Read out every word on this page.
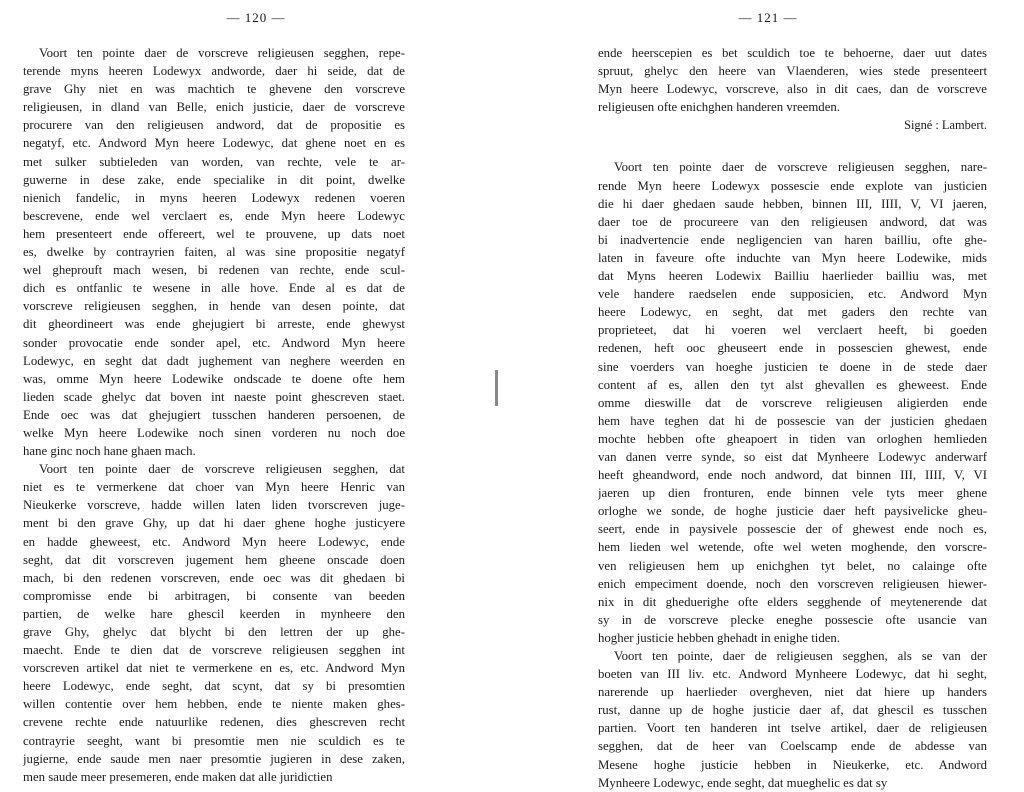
— 120 —
Voort ten pointe daer de vorscreve religieusen segghen, repe-
terende myns heeren Lodewyx andworde, daer hi seide, dat de
grave Ghy niet en was machtich te ghevene den vorscreve
religieusen, in dland van Belle, enich justicie, daer de vorscreve
procurere van den religieusen andword, dat de propositie es
negatyf, etc. Andword Myn heere Lodewyc, dat ghene noet en es
met sulker subtieleden van worden, van rechte, vele te ar-
guwerne in dese zake, ende specialike in dit point, dwelke
nienich fandelic, in myns heeren Lodewyx redenen voeren
bescrevene, ende wel verclaert es, ende Myn heere Lodewyc
hem presenteert ende offereert, wel te prouvene, up dats noet
es, dwelke by contrayrien faiten, al was sine propositie negatyf
wel gheprouft mach wesen, bi redenen van rechte, ende scul-
dich es ontfanlic te wesene in alle hove. Ende al es dat de
vorscreve religieusen segghen, in hende van desen pointe, dat
dit gheordineert was ende ghejugiert bi arreste, ende ghewyst
sonder provocatie ende sonder apel, etc. Andword Myn heere
Lodewyc, en seght dat dadt jughement van neghere weerden en
was, omme Myn heere Lodewike ondscade te doene ofte hem
lieden scade ghelyc dat boven int naeste point ghescreven staet.
Ende oec was dat ghejugiert tusschen handeren persoenen, de
welke Myn heere Lodewike noch sinen vorderen nu noch doe
hane ginc noch hane ghaen mach.
Voort ten pointe daer de vorscreve religieusen segghen, dat
niet es te vermerkene dat choer van Myn heere Henric van
Nieukerke vorscreve, hadde willen laten liden tvorscreven juge-
ment bi den grave Ghy, up dat hi daer ghene hoghe justicyere
en hadde gheweest, etc. Andword Myn heere Lodewyc, ende
seght, dat dit vorscreven jugement hem gheene onscade doen
mach, bi den redenen vorscreven, ende oec was dit ghedaen bi
compromisse ende bi arbitragen, bi consente van beeden
partien, de welke hare ghescil keerden in mynheere den
grave Ghy, ghelyc dat blycht bi den lettren der up ghe-
maecht. Ende te dien dat de vorscreve religieusen segghen int
vorscreven artikel dat niet te vermerkene en es, etc. Andword Myn
heere Lodewyc, ende seght, dat scynt, dat sy bi presomtien
willen contentie over hem hebben, ende te niente maken ghes-
crevene rechte ende natuurlike redenen, dies ghescreven recht
contrayrie seeght, want bi presomtie men nie sculdich es te
jugierne, ende saude men naer presomtie jugieren in dese zaken,
men saude meer presemeren, ende maken dat alle juridictien
— 121 —
ende heerscepien es bet sculdich toe te behoerne, daer uut dates
spruut, ghelyc den heere van Vlaenderen, wies stede presenteert
Myn heere Lodewyc, vorscreve, also in dit caes, dan de vorscreve
religieusen ofte enichghen handeren vreemden.
Signé : Lambert.
Voort ten pointe daer de vorscreve religieusen segghen, nare-
rende Myn heere Lodewyx possescie ende explote van justicien
die hi daer ghedaen saude hebben, binnen III, IIII, V, VI jaeren,
daer toe de procureere van den religieusen andword, dat was
bi inadvertencie ende negligencien van haren bailliu, ofte ghe-
laten in faveure ofte induchte van Myn heere Lodewike, mids
dat Myns heeren Lodewix Bailliu haerlieder bailliu was, met
vele handere raedselen ende supposicien, etc. Andword Myn
heere Lodewyc, en seght, dat met gaders den rechte van
proprieteet, dat hi voeren wel verclaert heeft, bi goeden
redenen, heft ooc gheuseert ende in possescien ghewest, ende
sine voerders van hoeghe justicien te doene in de stede daer
content af es, allen den tyt alst ghevallen es gheweest. Ende
omme dieswille dat de vorscreve religieusen aligierden ende
hem have teghen dat hi de possescie van der justicien ghedaen
mochte hebben ofte gheapoert in tiden van orloghen hemlieden
van danen verre synde, so eist dat Mynheere Lodewyc anderwarf
heeft gheandword, ende noch andword, dat binnen III, IIII, V, VI
jaeren up dien fronturen, ende binnen vele tyts meer ghene
orloghe we sonde, de hoghe justicie daer heft paysivelicke gheu-
seert, ende in paysivele possescie der of ghewest ende noch es,
hem lieden wel wetende, ofte wel weten moghende, den vorscre-
ven religieusen hem up enichghen tyt belet, no calainge ofte
enich empeciment doende, noch den vorscreven religieusen hiewer-
nix in dit gheduerighe ofte elders segghende of meytenerende dat
sy in de vorscreve plecke eneghe possescie ofte usancie van
hogher justicie hebben ghehadt in enighe tiden.
Voort ten pointe, daer de religieusen segghen, als se van der
boeten van III liv. etc. Andword Mynheere Lodewyc, dat hi seght,
narerende up haerlieder overgheven, niet dat hiere up handers
rust, danne up de hoghe justicie daer af, dat ghescil es tusschen
partien. Voort ten handeren int tselve artikel, daer de religieusen
segghen, dat de heer van Coelscamp ende de abdesse van
Mesene hoghe justicie hebben in Nieukerke, etc. Andword
Mynheere Lodewyc, ende seght, dat mueghelic es dat sy
